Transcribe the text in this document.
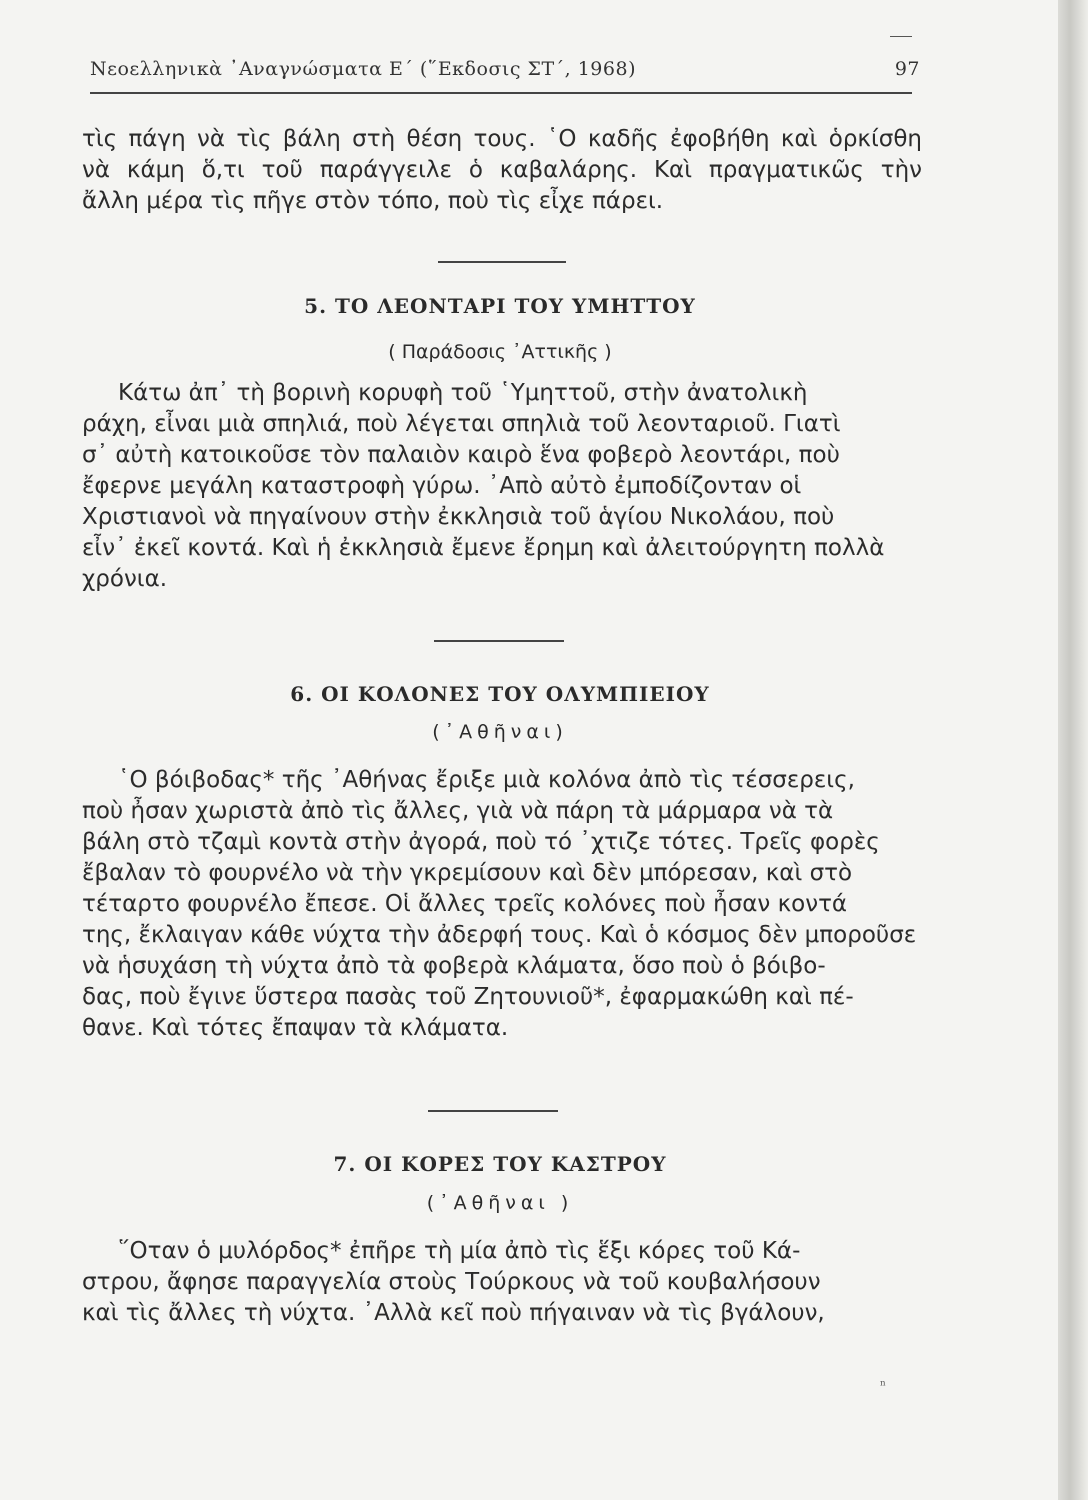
Νεοελληνικὰ ᾿Αναγνώσματα Ε΄ (῞Εκδοσις ΣΤ΄, 1968)	97
τὶς πάγη νὰ τὶς βάλη στὴ θέση τους. ῾Ο καδῆς ἐφοβήθη καὶ ὁρκίσθη
νὰ κάμη ὅ,τι τοῦ παράγγειλε ὁ καβαλάρης. Καὶ πραγματικῶς τὴν
ἄλλη μέρα τὶς πῆγε στὸν τόπο, ποὺ τὶς εἶχε πάρει.
5. ΤΟ ΛΕΟΝΤΑΡΙ ΤΟΥ ΥΜΗΤΤΟΥ
( Παράδοσις ᾿Αττικῆς )
Κάτω ἀπ᾿ τὴ βορινὴ κορυφὴ τοῦ ῾Υμηττοῦ, στὴν ἀνατολικὴ
ράχη, εἶναι μιὰ σπηλιά, ποὺ λέγεται σπηλιὰ τοῦ λεονταριοῦ. Γιατὶ
σ᾿ αὐτὴ κατοικοῦσε τὸν παλαιὸν καιρὸ ἕνα φοβερὸ λεοντάρι, ποὺ
ἔφερνε μεγάλη καταστροφὴ γύρω. ᾿Απὸ αὐτὸ ἐμποδίζονταν οἱ
Χριστιανοὶ νὰ πηγαίνουν στὴν ἐκκλησιὰ τοῦ ἁγίου Νικολάου, ποὺ
εἶν᾿ ἐκεῖ κοντά. Καὶ ἡ ἐκκλησιὰ ἔμενε ἔρημη καὶ ἀλειτούργητη πολλὰ
χρόνια.
6. ΟΙ ΚΟΛΟΝΕΣ ΤΟΥ ΟΛΥΜΠΙΕΙΟΥ
(᾿Αθῆναι)
῾Ο βόιβοδας* τῆς ᾿Αθήνας ἔριξε μιὰ κολόνα ἀπὸ τὶς τέσσερεις,
ποὺ ἦσαν χωριστὰ ἀπὸ τὶς ἄλλες, γιὰ νὰ πάρη τὰ μάρμαρα νὰ τὰ
βάλη στὸ τζαμὶ κοντὰ στὴν ἀγορά, ποὺ τό ᾿χτιζε τότες. Τρεῖς φορὲς
ἔβαλαν τὸ φουρνέλο νὰ τὴν γκρεμίσουν καὶ δὲν μπόρεσαν, καὶ στὸ
τέταρτο φουρνέλο ἔπεσε. Οἱ ἄλλες τρεῖς κολόνες ποὺ ἦσαν κοντά
της, ἔκλαιγαν κάθε νύχτα τὴν ἀδερφή τους. Καὶ ὁ κόσμος δὲν μποροῦσε
νὰ ἡσυχάση τὴ νύχτα ἀπὸ τὰ φοβερὰ κλάματα, ὅσο ποὺ ὁ βόιβο-
δας, ποὺ ἔγινε ὕστερα πασὰς τοῦ Ζητουνιοῦ*, ἐφαρμακώθη καὶ πέ-
θανε. Καὶ τότες ἔπαψαν τὰ κλάματα.
7. ΟΙ ΚΟΡΕΣ ΤΟΥ ΚΑΣΤΡΟΥ
(᾿Αθῆναι )
῞Οταν ὁ μυλόρδος* ἐπῆρε τὴ μία ἀπὸ τὶς ἕξι κόρες τοῦ Κά-
στρου, ἄφησε παραγγελία στοὺς Τούρκους νὰ τοῦ κουβαλήσουν
καὶ τὶς ἄλλες τὴ νύχτα. ᾿Αλλὰ κεῖ ποὺ πήγαιναν νὰ τὶς βγάλουν,
ⁿ
